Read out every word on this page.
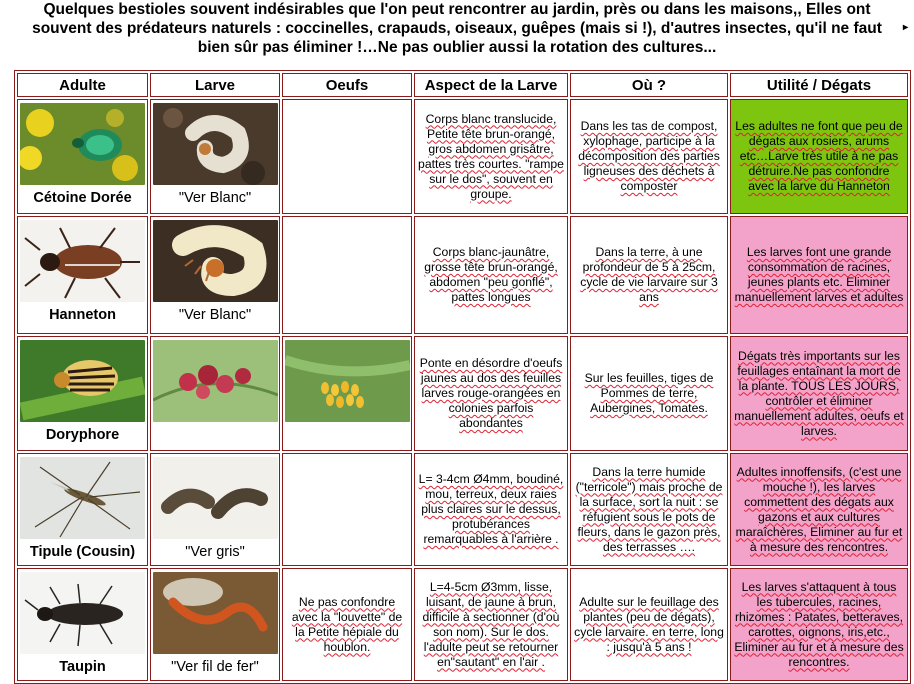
Quelques bestioles souvent indésirables que l'on peut rencontrer au jardin, près ou dans les maisons,, Elles ont
souvent des prédateurs naturels : coccinelles, crapauds, oiseaux, guêpes (mais si !), d'autres insectes, qu'il ne faut
bien sûr pas éliminer !…Ne pas oublier aussi la rotation des cultures...
▸
Adulte	Larve	Oeufs	Aspect de la Larve	Où ?	Utilité / Dégats

Cétoine Dorée	"Ver Blanc"		Corps blanc translucide, Petite tête brun-orangé, gros abdomen grisâtre, pattes très courtes. "rampe sur le dos", souvent en groupe.	Dans les tas de compost, xylophage, participe à la décomposition des parties ligneuses des déchets à composter	Les adultes ne font que peu de dégats aux rosiers, arums etc…Larve très utile à ne pas détruire.Ne pas confondre avec la larve du Hanneton

Hanneton	"Ver Blanc"		Corps blanc-jaunâtre, grosse tête brun-orangé, abdomen "peu gonflé", pattes longues	Dans la terre, à une profondeur de 5 à 25cm, cycle de vie larvaire sur 3 ans	Les larves font une grande consommation de racines, jeunes plants etc. Eliminer manuellement larves et adultes

Doryphore			Ponte en désordre d'oeufs jaunes au dos des feuilles larves rouge-orangées en colonies parfois abondantes	Sur les feuilles, tiges de Pommes de terre, Aubergines, Tomates.	Dégats très importants sur les feuillages entaînant la mort de la plante. TOUS LES JOURS, contrôler et éliminer manuellement adultes, oeufs et larves.

Tipule (Cousin)	"Ver gris"		L= 3-4cm Ø4mm, boudiné, mou, terreux, deux raies plus claires sur le dessus, protubérances remarquables à l'arrière .	Dans la terre humide ("terricole") mais proche de la surface, sort la nuit : se réfugient sous le pots de fleurs, dans le gazon près, des terrasses ….	Adultes innoffensifs, (c'est une mouche !), les larves commettent des dégats aux gazons et aux cultures maraîchères, Eliminer au fur et à mesure des rencontres.

Taupin	"Ver fil de fer"	Ne pas confondre avec la "louvette" de la Petite hépiale du houblon.	L=4-5cm Ø3mm, lisse, luisant, de jaune à brun, difficile à sectionner (d'où son nom). Sur le dos. l'adulte peut se retourner en"sautant" en l'air .	Adulte sur le feuillage des plantes (peu de dégats), cycle larvaire. en terre, long : jusqu'à 5 ans !	Les larves s'attaquent à tous les tubercules, racines, rhizomes : Patates, betteraves, carottes, oignons, iris,etc., Eliminer au fur et à mesure des rencontres.
